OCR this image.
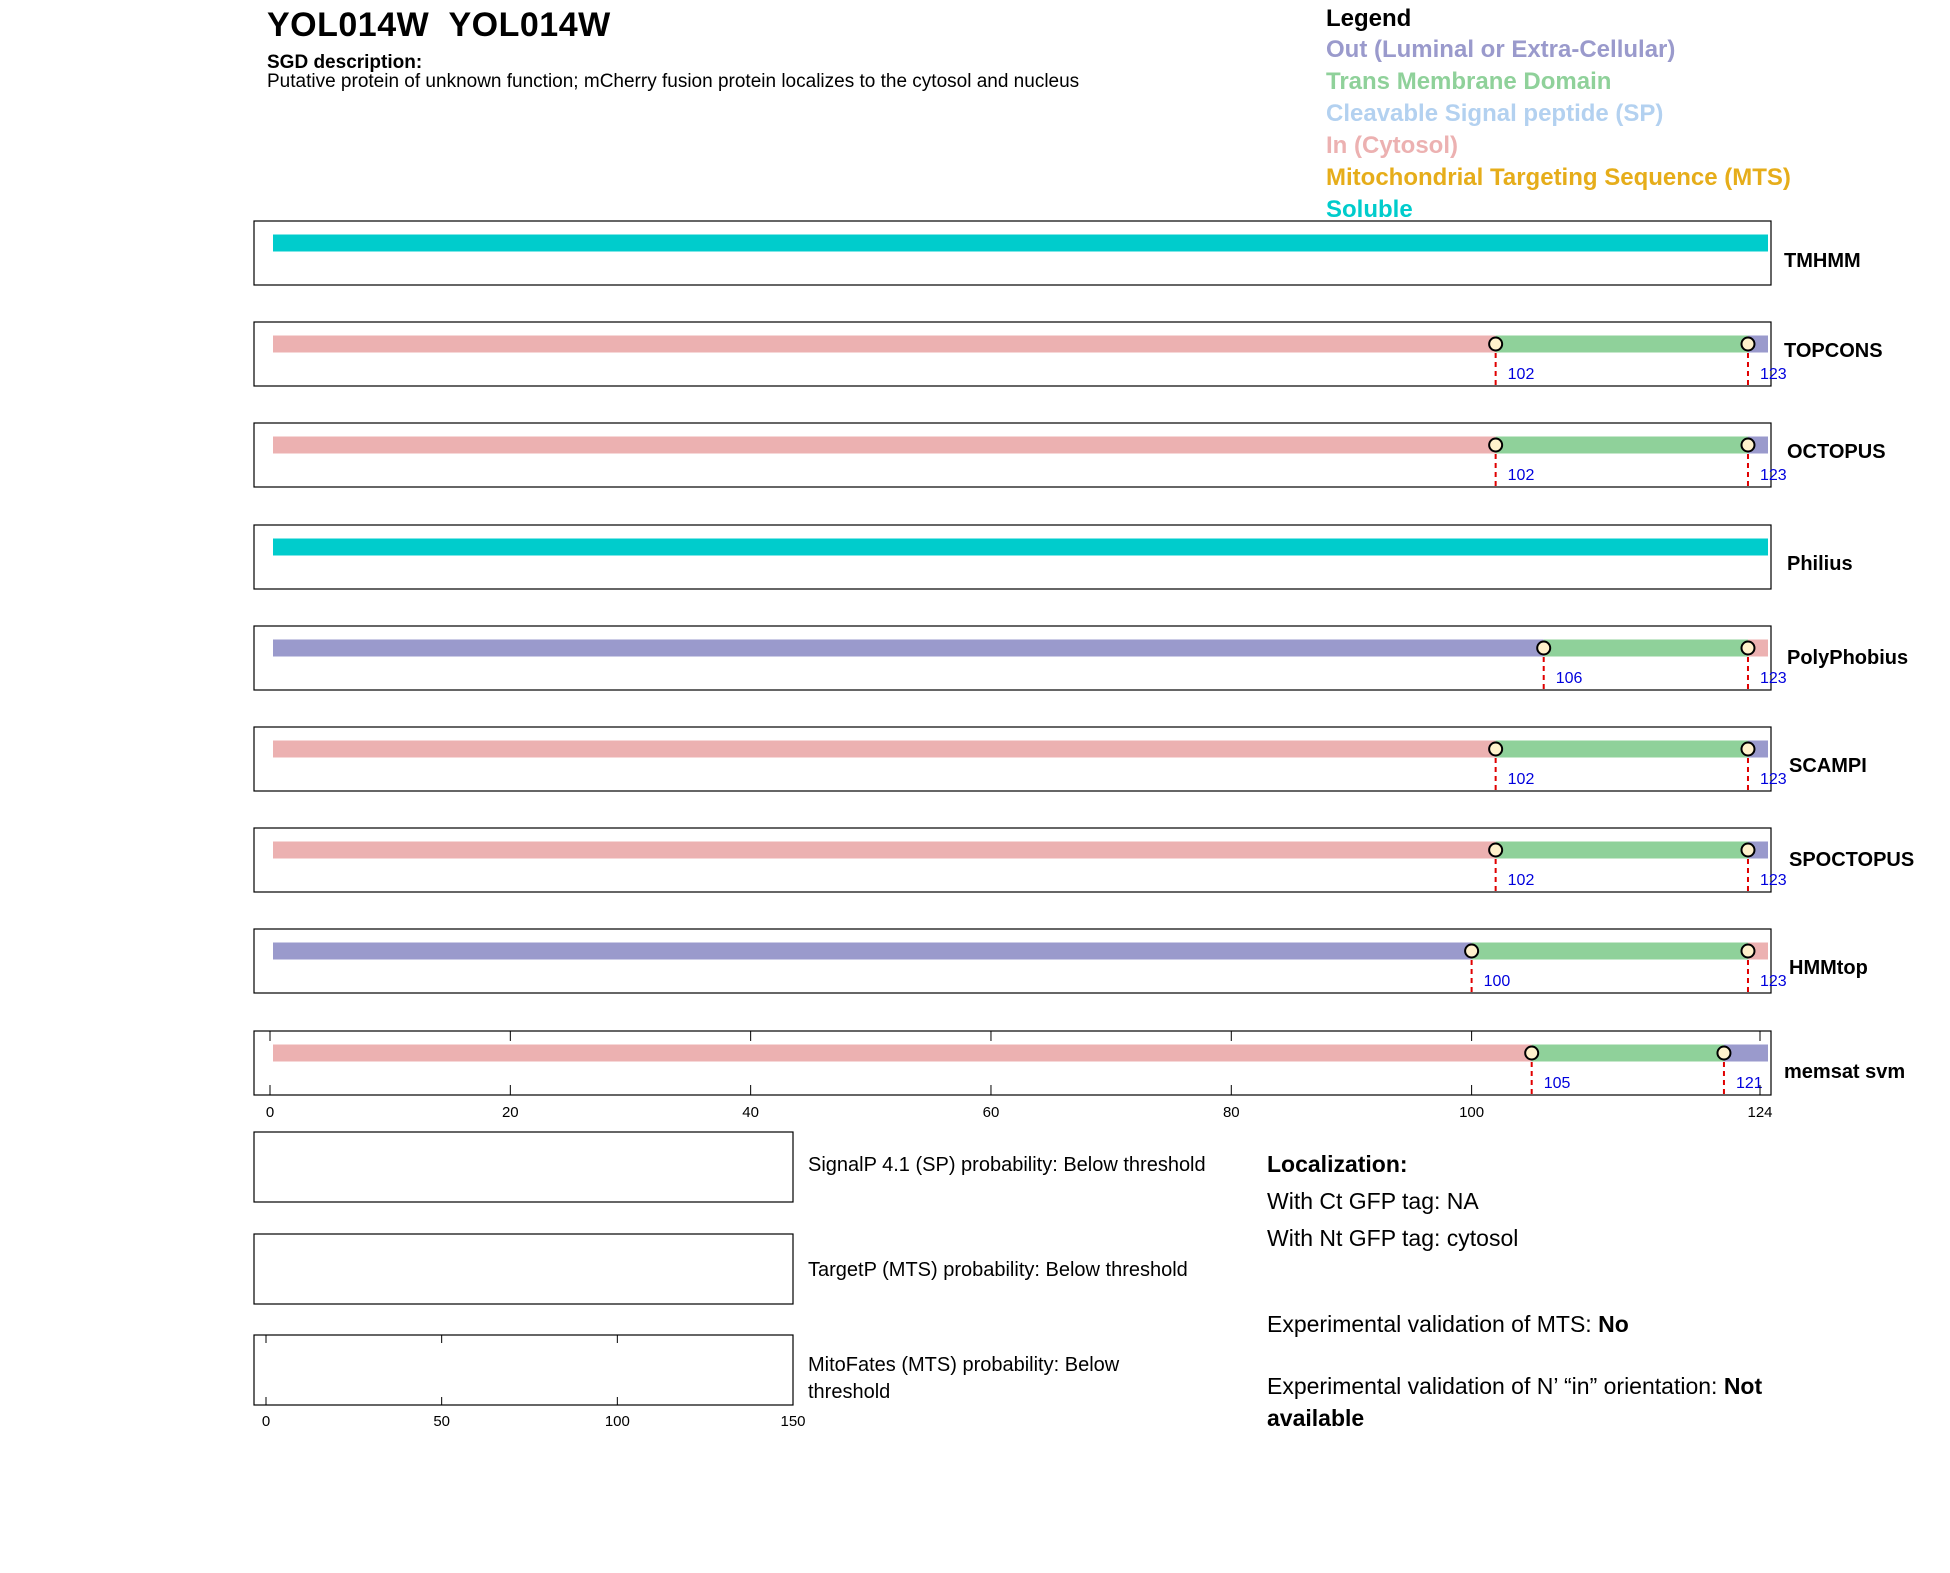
YOL014W  YOL014W
SGD description:
Putative protein of unknown function; mCherry fusion protein localizes to the cytosol and nucleus
Legend
Out (Luminal or Extra-Cellular)
Trans Membrane Domain
Cleavable Signal peptide (SP)
In (Cytosol)
Mitochondrial Targeting Sequence (MTS)
Soluble
TMHMM
102	123
TOPCONS
102	123
OCTOPUS
Philius
106	123
PolyPhobius
102	123
SCAMPI
102	123
SPOCTOPUS
100	123
HMMtop
105	121
memsat svm
0	20	40	60	80	100	124
0	50	100	150
SignalP 4.1 (SP) probability: Below threshold
TargetP (MTS) probability: Below threshold
MitoFates (MTS) probability: Below
threshold
Localization:
With Ct GFP tag: NA
With Nt GFP tag: cytosol
Experimental validation of MTS: No
Experimental validation of N’ “in” orientation: Not available
